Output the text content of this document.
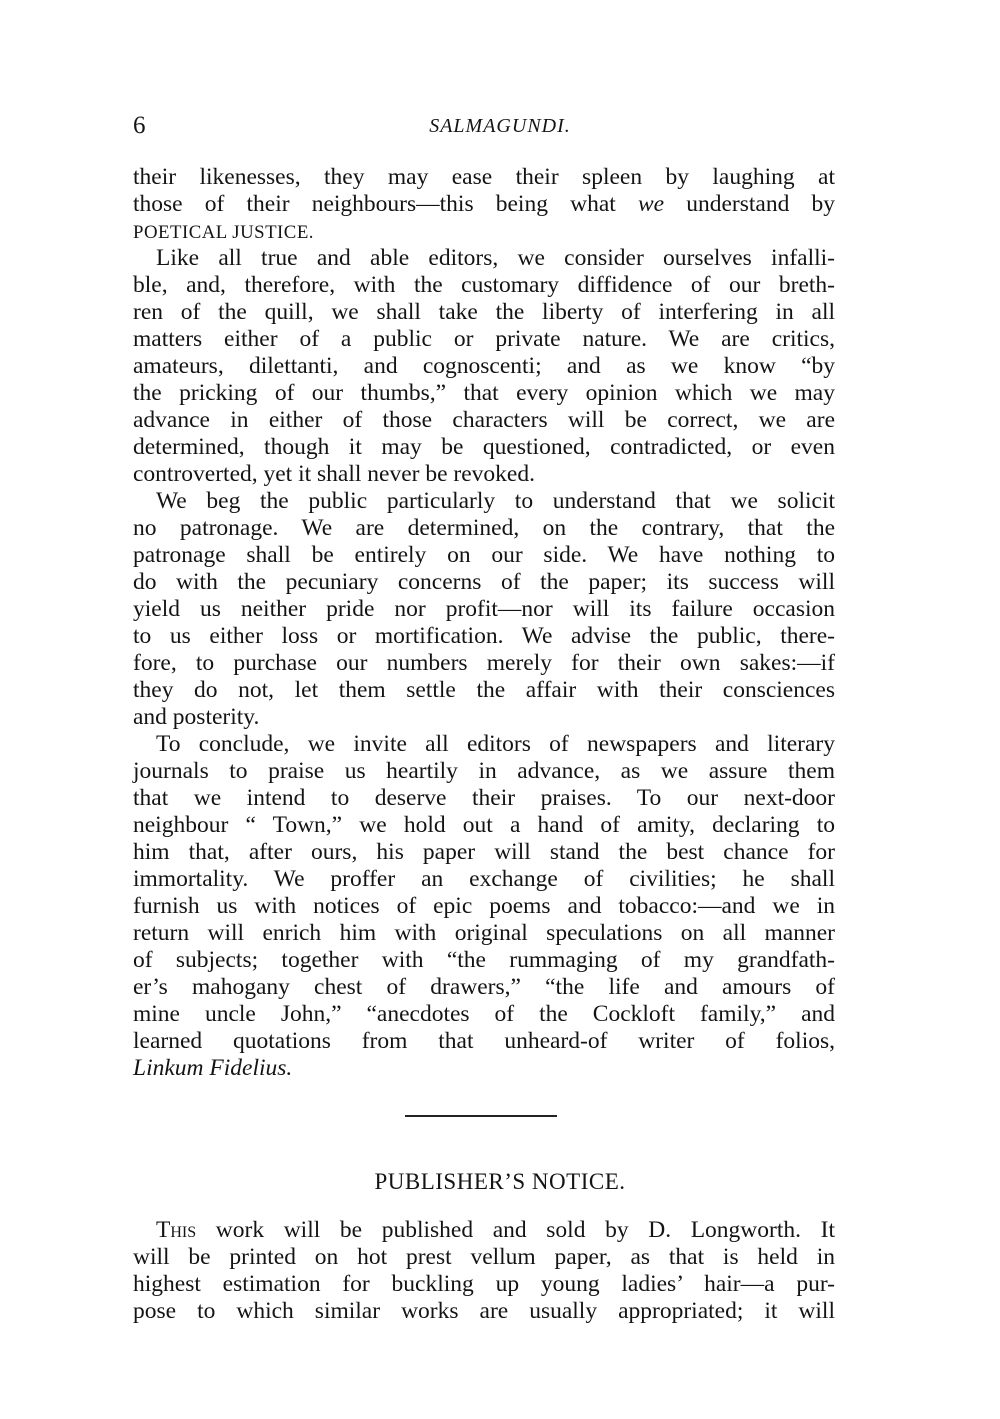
6	SALMAGUNDI.
their likenesses, they may ease their spleen by laughing at
those of their neighbours—this being what we understand by
POETICAL JUSTICE.
Like all true and able editors, we consider ourselves infalli-
ble, and, therefore, with the customary diffidence of our breth-
ren of the quill, we shall take the liberty of interfering in all
matters either of a public or private nature. We are critics,
amateurs, dilettanti, and cognoscenti; and as we know “by
the pricking of our thumbs,” that every opinion which we may
advance in either of those characters will be correct, we are
determined, though it may be questioned, contradicted, or even
controverted, yet it shall never be revoked.
We beg the public particularly to understand that we solicit
no patronage. We are determined, on the contrary, that the
patronage shall be entirely on our side. We have nothing to
do with the pecuniary concerns of the paper; its success will
yield us neither pride nor profit—nor will its failure occasion
to us either loss or mortification. We advise the public, there-
fore, to purchase our numbers merely for their own sakes:—if
they do not, let them settle the affair with their consciences
and posterity.
To conclude, we invite all editors of newspapers and literary
journals to praise us heartily in advance, as we assure them
that we intend to deserve their praises. To our next-door
neighbour “ Town,” we hold out a hand of amity, declaring to
him that, after ours, his paper will stand the best chance for
immortality. We proffer an exchange of civilities; he shall
furnish us with notices of epic poems and tobacco:—and we in
return will enrich him with original speculations on all manner
of subjects; together with “the rummaging of my grandfath-
er’s mahogany chest of drawers,” “the life and amours of
mine uncle John,” “anecdotes of the Cockloft family,” and
learned quotations from that unheard-of writer of folios,
Linkum Fidelius.
PUBLISHER’S NOTICE.
This work will be published and sold by D. Longworth. It
will be printed on hot prest vellum paper, as that is held in
highest estimation for buckling up young ladies’ hair—a pur-
pose to which similar works are usually appropriated; it will
